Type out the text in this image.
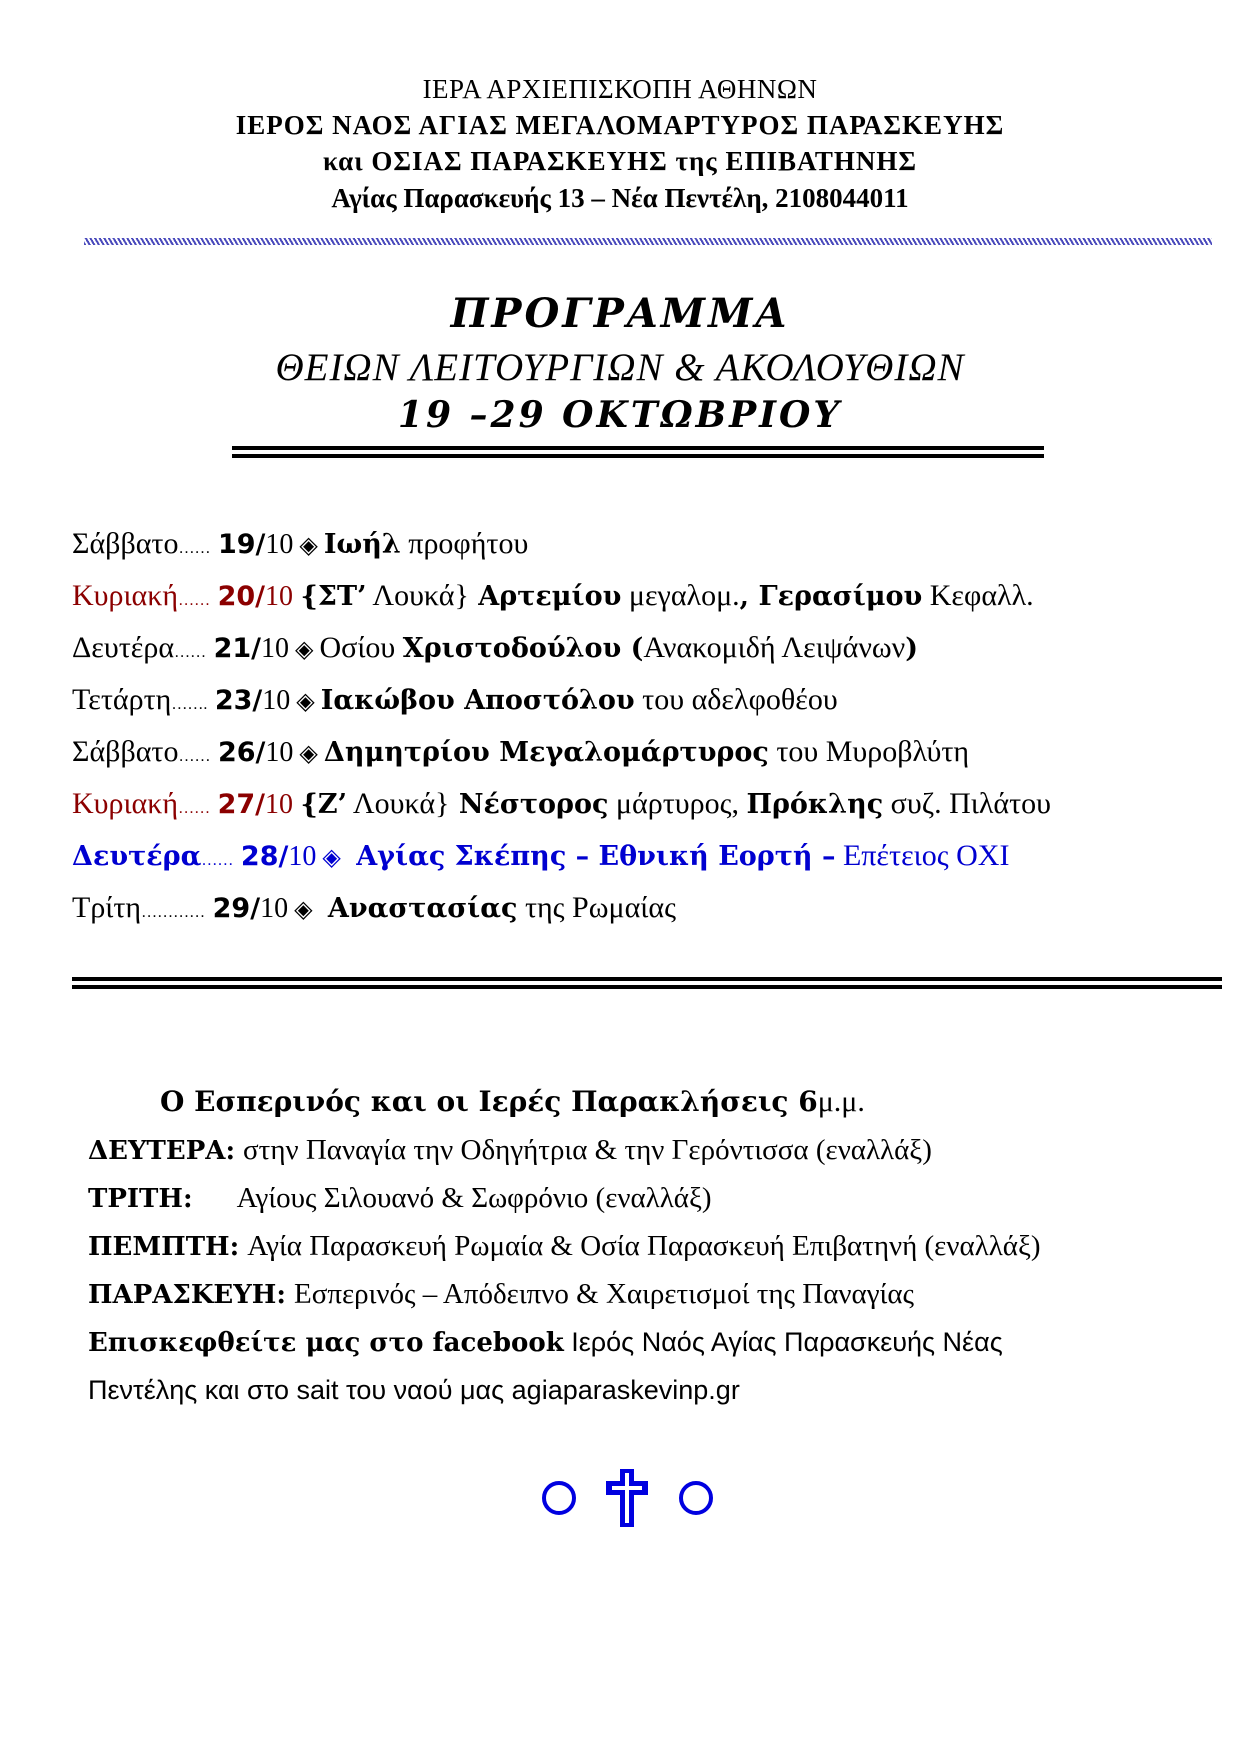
ΙΕΡΑ ΑΡΧΙΕΠΙΣΚΟΠΗ ΑΘΗΝΩΝ
ΙΕΡΟΣ ΝΑΟΣ ΑΓΙΑΣ ΜΕΓΑΛΟΜΑΡΤΥΡΟΣ ΠΑΡΑΣΚΕΥΗΣ
και ΟΣΙΑΣ ΠΑΡΑΣΚΕΥΗΣ της ΕΠΙΒΑΤΗΝΗΣ
Αγίας Παρασκευής 13 – Νέα Πεντέλη, 2108044011
ΠΡΟΓΡΑΜΜΑ
ΘΕΙΩΝ ΛΕΙΤΟΥΡΓΙΩΝ & ΑΚΟΛΟΥΘΙΩΝ
19 –29 ΟΚΤΩΒΡΙΟΥ
Σάββατο…… 19/10 ◈ Ιωήλ προφήτου
Κυριακή…… 20/10 {ΣΤ’ Λουκά} Αρτεμίου μεγαλομ., Γερασίμου Κεφαλλ.
Δευτέρα…… 21/10 ◈ Οσίου Χριστοδούλου (Ανακομιδή Λειψάνων)
Τετάρτη……. 23/10 ◈ Ιακώβου Αποστόλου του αδελφοθέου
Σάββατο…… 26/10 ◈ Δημητρίου Μεγαλομάρτυρος του Μυροβλύτη
Κυριακή…… 27/10 {Ζ’ Λουκά} Νέστορος μάρτυρος, Πρόκλης συζ. Πιλάτου
Δευτέρα…… 28/10 ◈ Αγίας Σκέπης – Εθνική Εορτή – Επέτειος ΟΧΙ
Τρίτη………… 29/10 ◈ Αναστασίας της Ρωμαίας
Ο Εσπερινός και οι Ιερές Παρακλήσεις 6μ.μ.
ΔΕΥΤΕΡΑ: στην Παναγία την Οδηγήτρια & την Γερόντισσα (εναλλάξ)
ΤΡΙΤΗ: Αγίους Σιλουανό & Σωφρόνιο (εναλλάξ)
ΠΕΜΠΤΗ: Αγία Παρασκευή Ρωμαία & Οσία Παρασκευή Επιβατηνή (εναλλάξ)
ΠΑΡΑΣΚΕΥΗ: Εσπερινός – Απόδειπνο & Χαιρετισμοί της Παναγίας
Επισκεφθείτε μας στο facebook Ιερός Ναός Αγίας Παρασκευής Νέας
Πεντέλης και στο sait του ναού μας agiaparaskevinp.gr
